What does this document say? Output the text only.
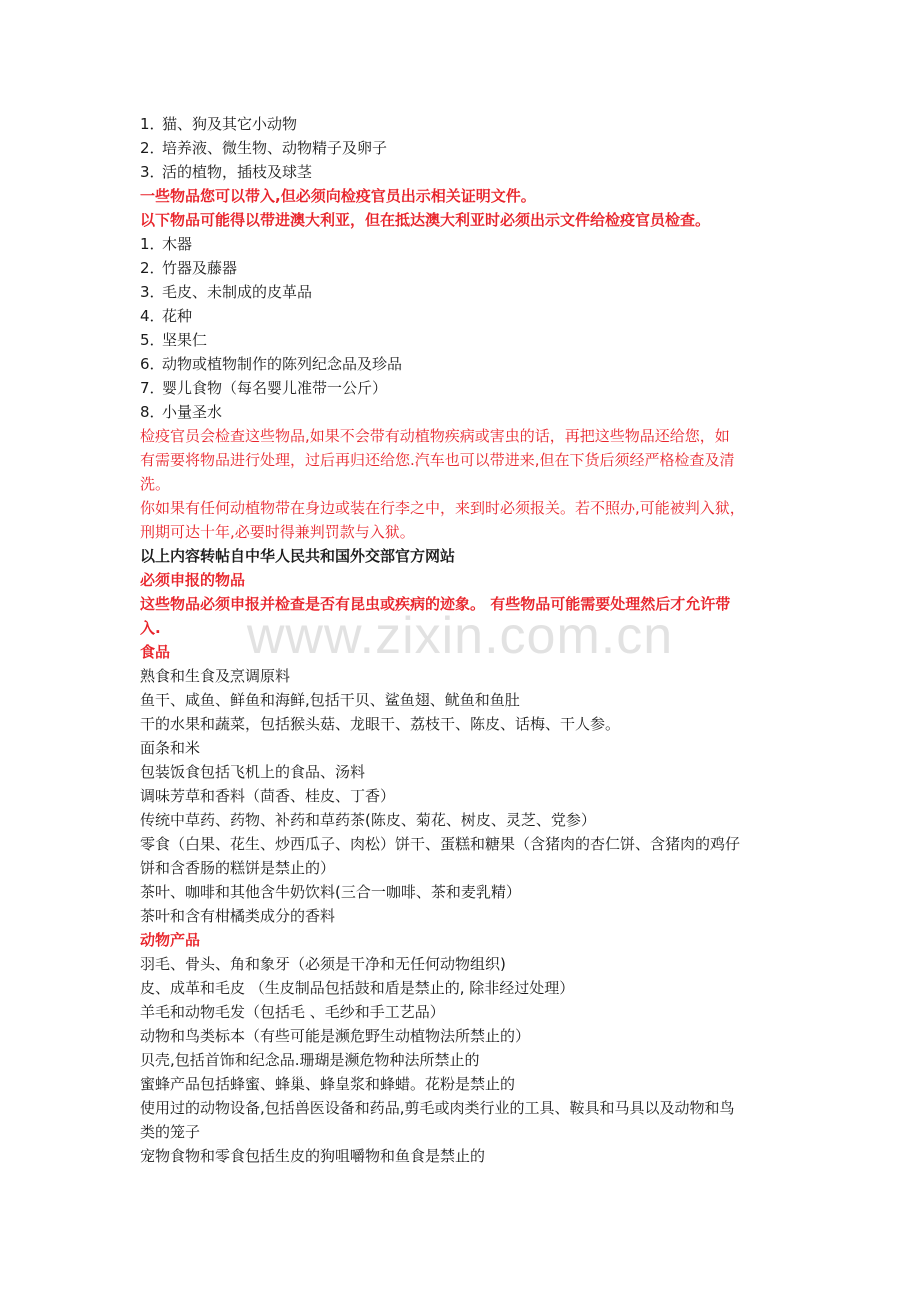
1．猫、狗及其它小动物
2．培养液、微生物、动物精子及卵子
3．活的植物，插枝及球茎
一些物品您可以带入,但必须向检疫官员出示相关证明文件。
以下物品可能得以带进澳大利亚，但在抵达澳大利亚时必须出示文件给检疫官员检查。
1．木器
2．竹器及藤器
3．毛皮、未制成的皮革品
4．花种
5．坚果仁
6．动物或植物制作的陈列纪念品及珍品
7．婴儿食物（每名婴儿准带一公斤）
8．小量圣水
检疫官员会检查这些物品,如果不会带有动植物疾病或害虫的话，再把这些物品还给您，如
有需要将物品进行处理，过后再归还给您.汽车也可以带进来,但在下货后须经严格检查及清
洗。
你如果有任何动植物带在身边或装在行李之中，来到时必须报关。若不照办,可能被判入狱，
刑期可达十年,必要时得兼判罚款与入狱。
以上内容转帖自中华人民共和国外交部官方网站
必须申报的物品
这些物品必须申报并检查是否有昆虫或疾病的迹象。 有些物品可能需要处理然后才允许带
入.
食品
熟食和生食及烹调原料
鱼干、咸鱼、鲜鱼和海鲜,包括干贝、鲨鱼翅、鱿鱼和鱼肚
干的水果和蔬菜，包括猴头菇、龙眼干、荔枝干、陈皮、话梅、干人参。
面条和米
包装饭食包括飞机上的食品、汤料
调味芳草和香料（茴香、桂皮、丁香）
传统中草药、药物、补药和草药茶(陈皮、菊花、树皮、灵芝、党参）
零食（白果、花生、炒西瓜子、肉松）饼干、蛋糕和糖果（含猪肉的杏仁饼、含猪肉的鸡仔
饼和含香肠的糕饼是禁止的）
茶叶、咖啡和其他含牛奶饮料(三合一咖啡、茶和麦乳精）
茶叶和含有柑橘类成分的香料
动物产品
羽毛、骨头、角和象牙（必须是干净和无任何动物组织)
皮、成革和毛皮 （生皮制品包括鼓和盾是禁止的, 除非经过处理）
羊毛和动物毛发（包括毛 、毛纱和手工艺品）
动物和鸟类标本（有些可能是濒危野生动植物法所禁止的）
贝壳,包括首饰和纪念品.珊瑚是濒危物种法所禁止的
蜜蜂产品包括蜂蜜、蜂巢、蜂皇浆和蜂蜡。花粉是禁止的
使用过的动物设备,包括兽医设备和药品,剪毛或肉类行业的工具、鞍具和马具以及动物和鸟
类的笼子
宠物食物和零食包括生皮的狗咀嚼物和鱼食是禁止的
www.zixin.com.cn
